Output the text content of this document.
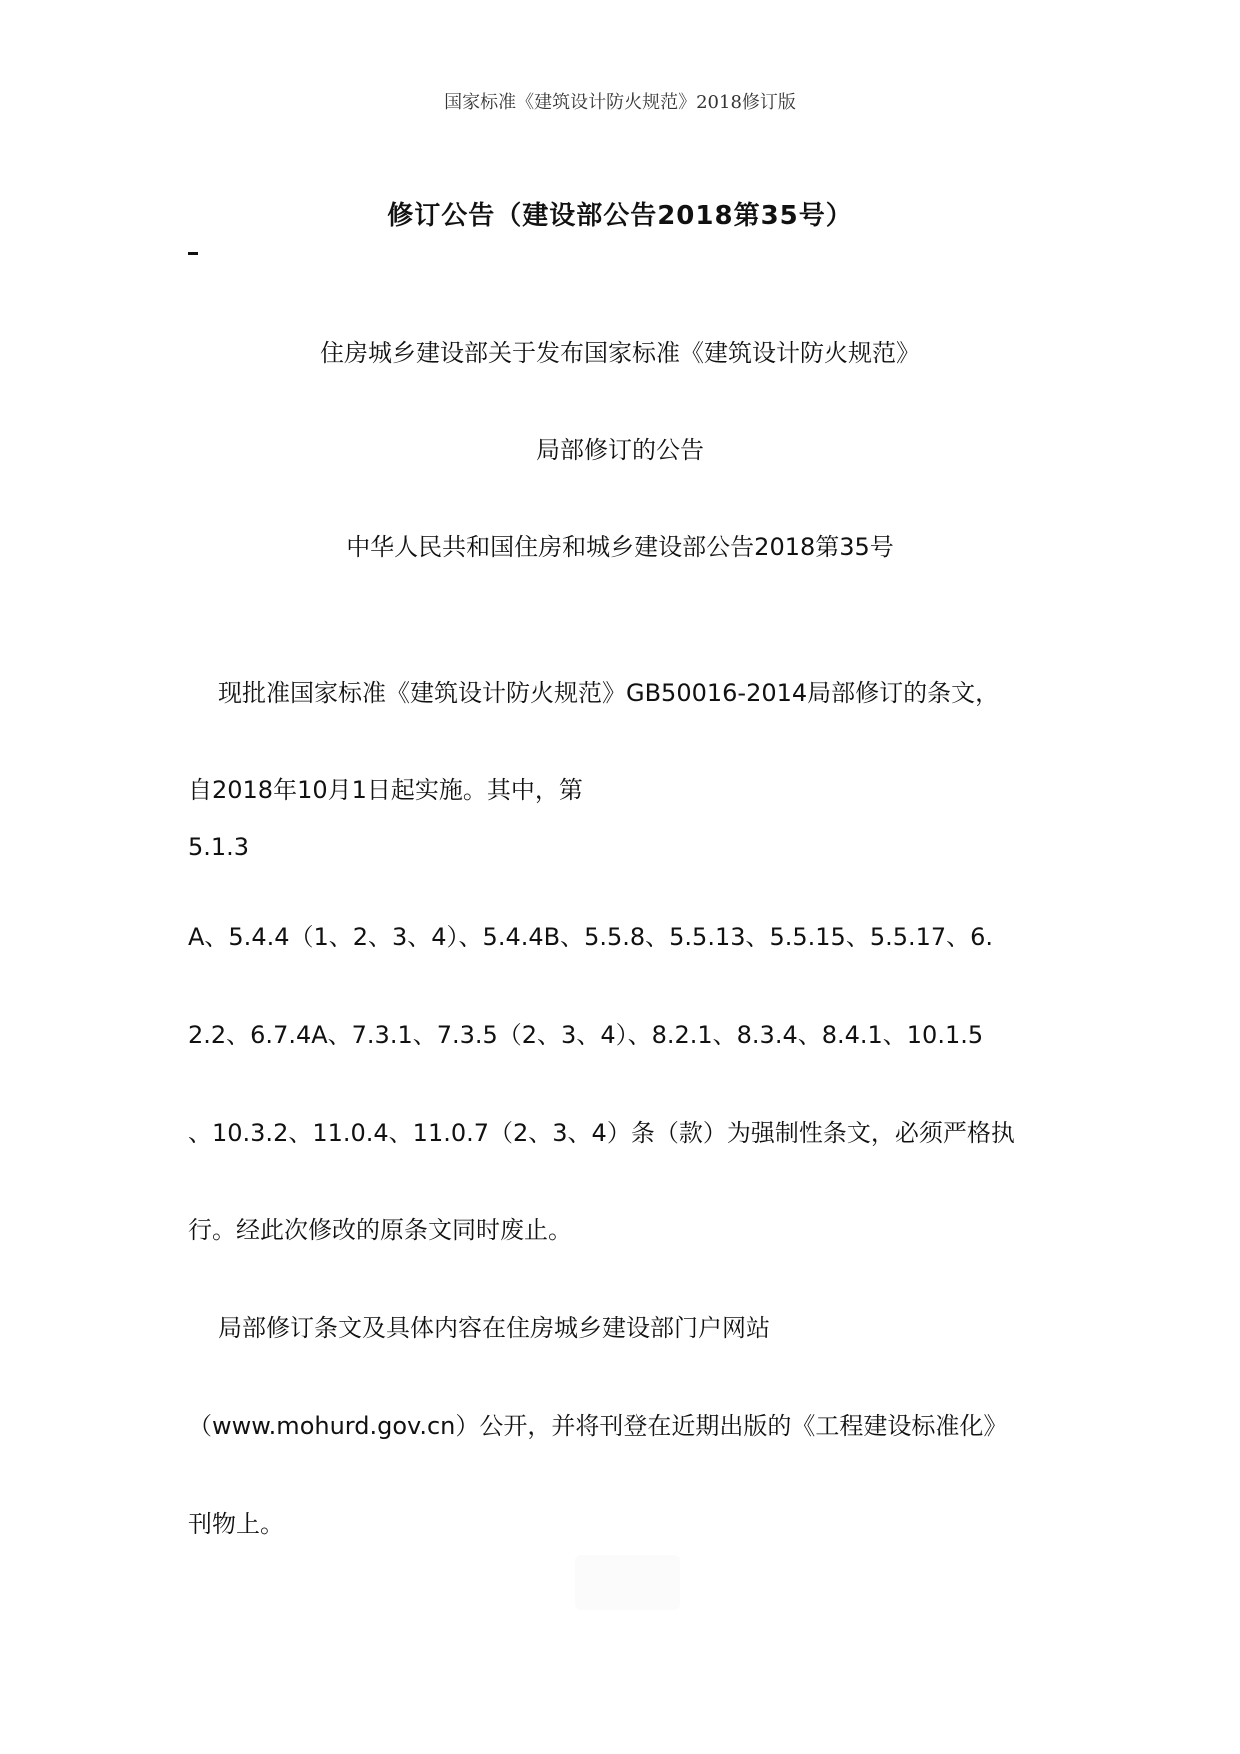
国家标准《建筑设计防火规范》2018修订版
修订公告（建设部公告2018第35号）
住房城乡建设部关于发布国家标准《建筑设计防火规范》
局部修订的公告
中华人民共和国住房和城乡建设部公告2018第35号
现批准国家标准《建筑设计防火规范》GB50016-2014局部修订的条文，
自2018年10月1日起实施。其中，第
5.1.3
A、5.4.4（1、2、3、4）、5.4.4B、5.5.8、5.5.13、5.5.15、5.5.17、6.
2.2、6.7.4A、7.3.1、7.3.5（2、3、4）、8.2.1、8.3.4、8.4.1、10.1.5
、10.3.2、11.0.4、11.0.7（2、3、4）条（款）为强制性条文，必须严格执
行。经此次修改的原条文同时废止。
局部修订条文及具体内容在住房城乡建设部门户网站
（www.mohurd.gov.cn）公开，并将刊登在近期出版的《工程建设标准化》
刊物上。
